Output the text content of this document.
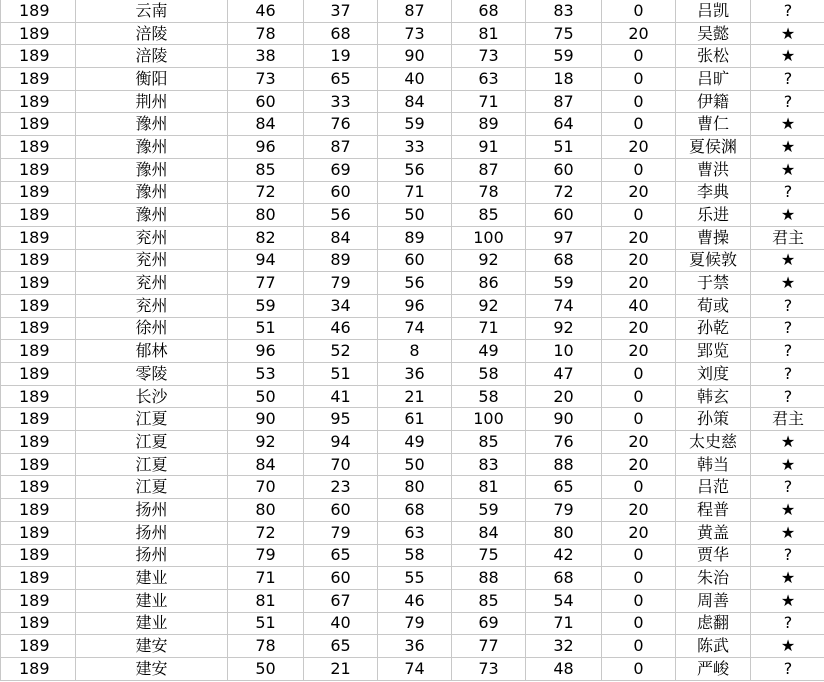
189	云南	46	37	87	68	83	0	吕凯	?
189	涪陵	78	68	73	81	75	20	吴懿	★
189	涪陵	38	19	90	73	59	0	张松	★
189	衡阳	73	65	40	63	18	0	吕旷	?
189	荆州	60	33	84	71	87	0	伊籍	?
189	豫州	84	76	59	89	64	0	曹仁	★
189	豫州	96	87	33	91	51	20	夏侯渊	★
189	豫州	85	69	56	87	60	0	曹洪	★
189	豫州	72	60	71	78	72	20	李典	?
189	豫州	80	56	50	85	60	0	乐进	★
189	兖州	82	84	89	100	97	20	曹操	君主
189	兖州	94	89	60	92	68	20	夏候敦	★
189	兖州	77	79	56	86	59	20	于禁	★
189	兖州	59	34	96	92	74	40	荀或	?
189	徐州	51	46	74	71	92	20	孙乾	?
189	郁林	96	52	8	49	10	20	郢览	?
189	零陵	53	51	36	58	47	0	刘度	?
189	长沙	50	41	21	58	20	0	韩玄	?
189	江夏	90	95	61	100	90	0	孙策	君主
189	江夏	92	94	49	85	76	20	太史慈	★
189	江夏	84	70	50	83	88	20	韩当	★
189	江夏	70	23	80	81	65	0	吕范	?
189	扬州	80	60	68	59	79	20	程普	★
189	扬州	72	79	63	84	80	20	黄盖	★
189	扬州	79	65	58	75	42	0	贾华	?
189	建业	71	60	55	88	68	0	朱治	★
189	建业	81	67	46	85	54	0	周善	★
189	建业	51	40	79	69	71	0	虑翻	?
189	建安	78	65	36	77	32	0	陈武	★
189	建安	50	21	74	73	48	0	严峻	?
